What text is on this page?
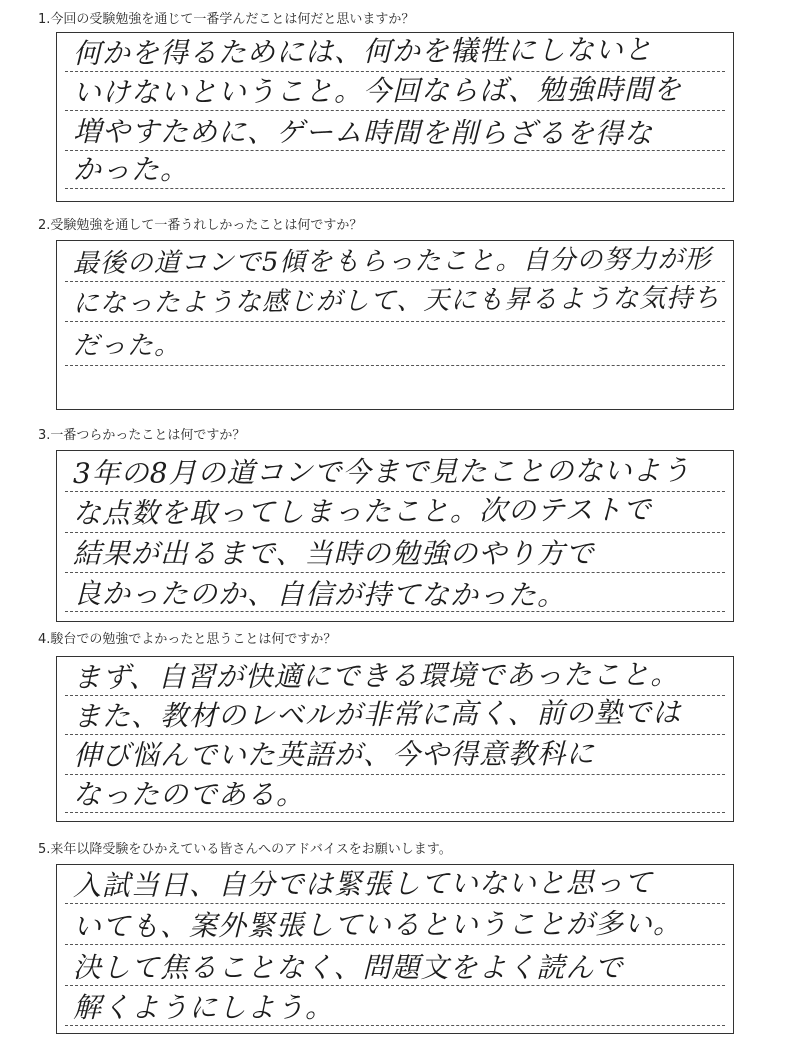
1.今回の受験勉強を通じて一番学んだことは何だと思いますか？
何かを得るためには、何かを犠牲にしないと
いけないということ。今回ならば、勉強時間を
増やすために、ゲーム時間を削らざるを得な
かった。
2.受験勉強を通して一番うれしかったことは何ですか？
最後の道コンで5傾をもらったこと。自分の努力が形
になったような感じがして、天にも昇るような気持ち
だった。
3.一番つらかったことは何ですか？
3年の8月の道コンで今まで見たことのないよう
な点数を取ってしまったこと。次のテストで
結果が出るまで、当時の勉強のやり方で
良かったのか、自信が持てなかった。
4.駿台での勉強でよかったと思うことは何ですか？
まず、自習が快適にできる環境であったこと。
また、教材のレベルが非常に高く、前の塾では
伸び悩んでいた英語が、今や得意教科に
なったのである。
5.来年以降受験をひかえている皆さんへのアドバイスをお願いします。
入試当日、自分では緊張していないと思って
いても、案外緊張しているということが多い。
決して焦ることなく、問題文をよく読んで
解くようにしよう。
